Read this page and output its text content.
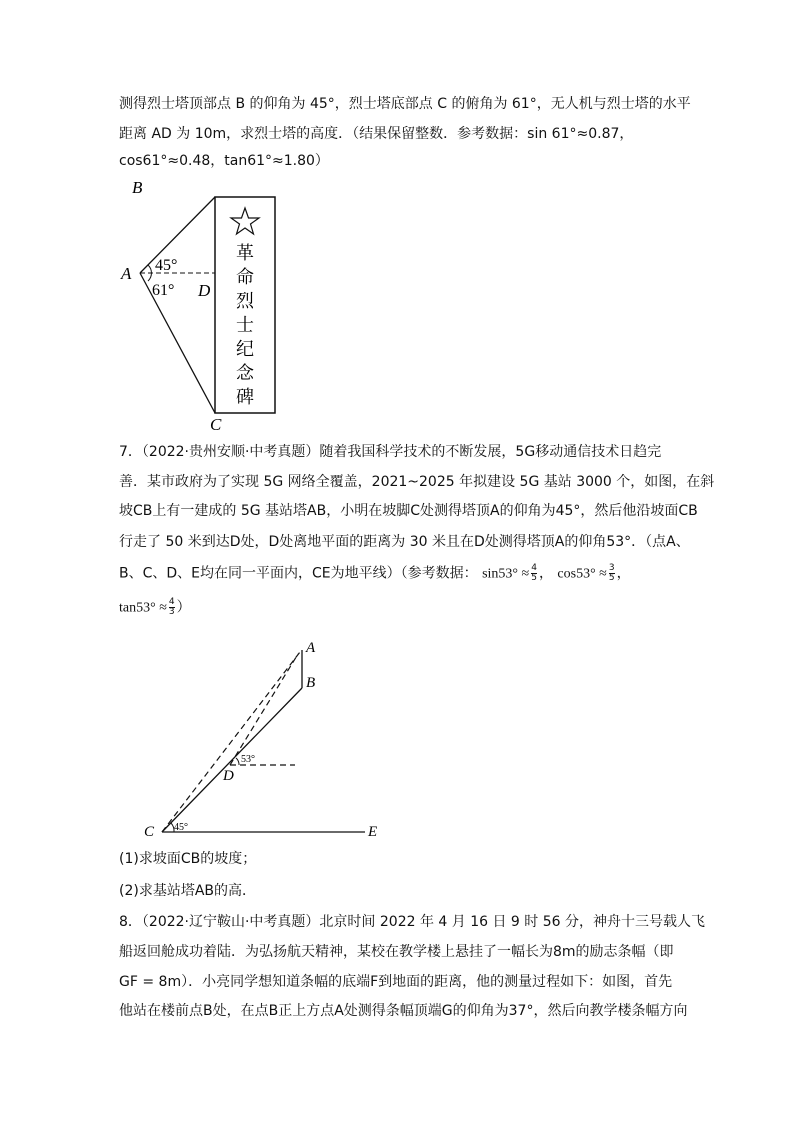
测得烈士塔顶部点 B 的仰角为 45°，烈士塔底部点 C 的俯角为 61°，无人机与烈士塔的水平
距离 AD 为 10m，求烈士塔的高度．（结果保留整数．参考数据：sin 61°≈0.87，
cos61°≈0.48，tan61°≈1.80）
B
A
D
C
45°
61°
革
命
烈
士
纪
念
碑
7．（2022·贵州安顺·中考真题）随着我国科学技术的不断发展，5G移动通信技术日趋完
善．某市政府为了实现 5G 网络全覆盖，2021~2025 年拟建设 5G 基站 3000 个，如图，在斜
坡CB上有一建成的 5G 基站塔AB，小明在坡脚C处测得塔顶A的仰角为45°，然后他沿坡面CB
行走了 50 米到达D处，D处离地平面的距离为 30 米且在D处测得塔顶A的仰角53°．（点A、
B、C、D、E均在同一平面内，CE为地平线）（参考数据： $\sin 53^\circ \approx \frac{4}{5}$ ， $\cos 53^\circ \approx \frac{3}{5}$ ，
$\tan 53^\circ \approx \frac{4}{3}$ ）
A
B
D
C	E
45°
53°
(1)求坡面CB的坡度；
(2)求基站塔AB的高．
8．（2022·辽宁鞍山·中考真题）北京时间 2022 年 4 月 16 日 9 时 56 分，神舟十三号载人飞
船返回舱成功着陆．为弘扬航天精神，某校在教学楼上悬挂了一幅长为8m的励志条幅（即
GF = 8m）．小亮同学想知道条幅的底端F到地面的距离，他的测量过程如下：如图，首先
他站在楼前点B处，在点B正上方点A处测得条幅顶端G的仰角为37°，然后向教学楼条幅方向
